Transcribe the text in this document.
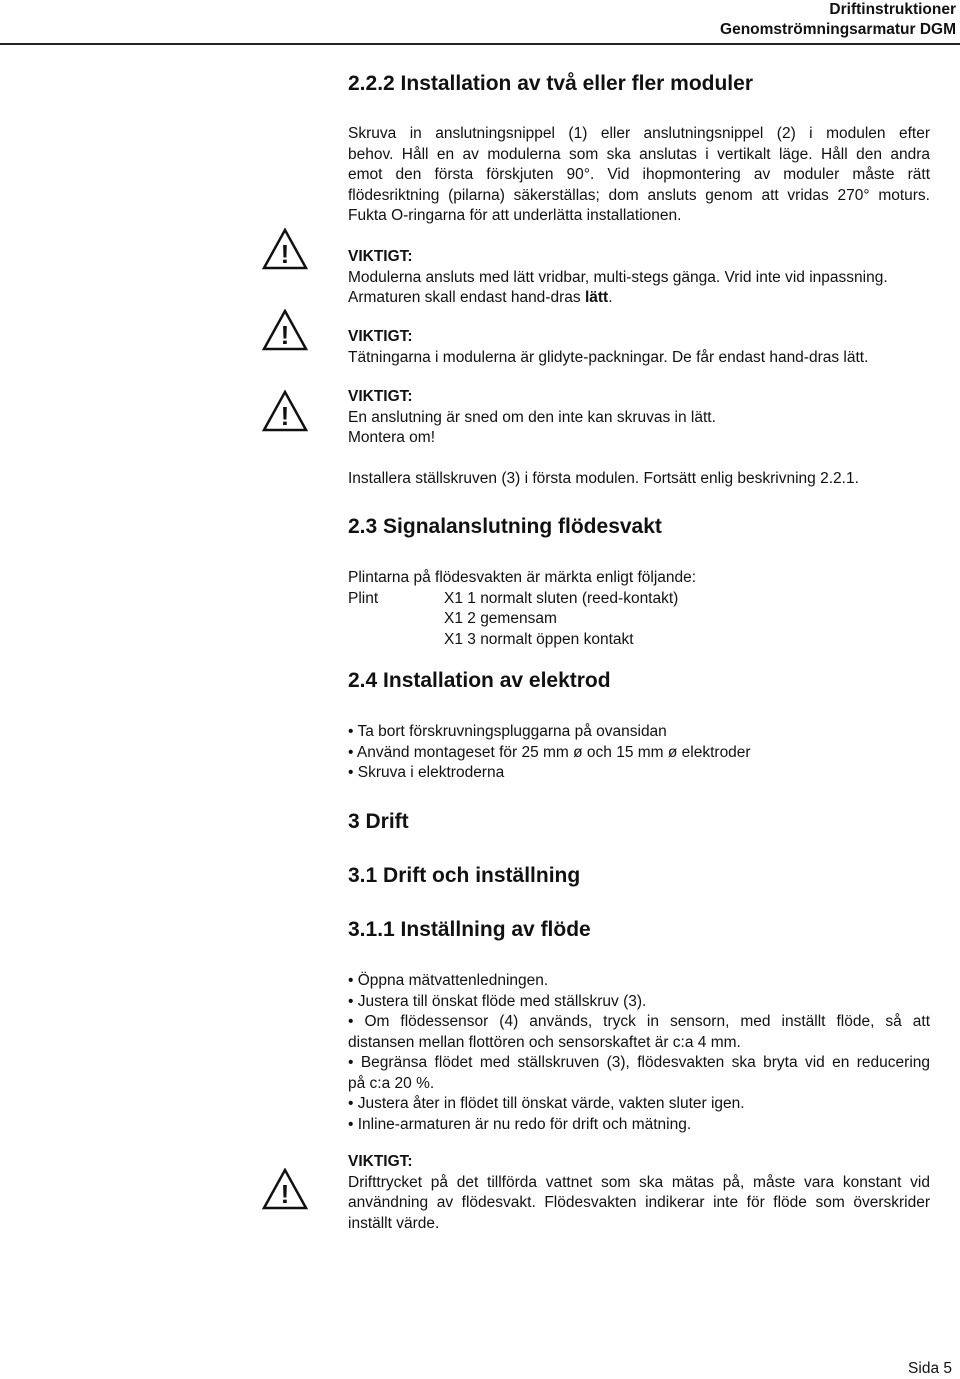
Driftinstruktioner
Genomströmningsarmatur DGM
2.2.2 Installation av två eller fler moduler
Skruva in anslutningsnippel (1) eller anslutningsnippel (2) i modulen efter
behov. Håll en av modulerna som ska anslutas i vertikalt läge. Håll den andra
emot den första förskjuten 90°. Vid ihopmontering av moduler måste rätt
flödesriktning (pilarna) säkerställas; dom ansluts genom att vridas 270° moturs.
Fukta O-ringarna för att underlätta installationen.
!	VIKTIGT:
Modulerna ansluts med lätt vridbar, multi-stegs gänga. Vrid inte vid inpassning.
Armaturen skall endast hand-dras lätt.
!	VIKTIGT:
Tätningarna i modulerna är glidyte-packningar. De får endast hand-dras lätt.
!
VIKTIGT:
En anslutning är sned om den inte kan skruvas in lätt.
Montera om!
Installera ställskruven (3) i första modulen. Fortsätt enlig beskrivning 2.2.1.
2.3 Signalanslutning flödesvakt
Plintarna på flödesvakten är märkta enligt följande:
Plint	X1 1 normalt sluten (reed-kontakt)
X1 2 gemensam
X1 3 normalt öppen kontakt
2.4 Installation av elektrod
• Ta bort förskruvningspluggarna på ovansidan
• Använd montageset för 25 mm ø och 15 mm ø elektroder
• Skruva i elektroderna
3 Drift
3.1 Drift och inställning
3.1.1 Inställning av flöde
• Öppna mätvattenledningen.
• Justera till önskat flöde med ställskruv (3).
• Om flödessensor (4) används, tryck in sensorn, med inställt flöde, så att
distansen mellan flottören och sensorskaftet är c:a 4 mm.
• Begränsa flödet med ställskruven (3), flödesvakten ska bryta vid en reducering
på c:a 20 %.
• Justera åter in flödet till önskat värde, vakten sluter igen.
• Inline-armaturen är nu redo för drift och mätning.
!
VIKTIGT:
Drifttrycket på det tillförda vattnet som ska mätas på, måste vara konstant vid
användning av flödesvakt. Flödesvakten indikerar inte för flöde som överskrider
inställt värde.
Sida 5
